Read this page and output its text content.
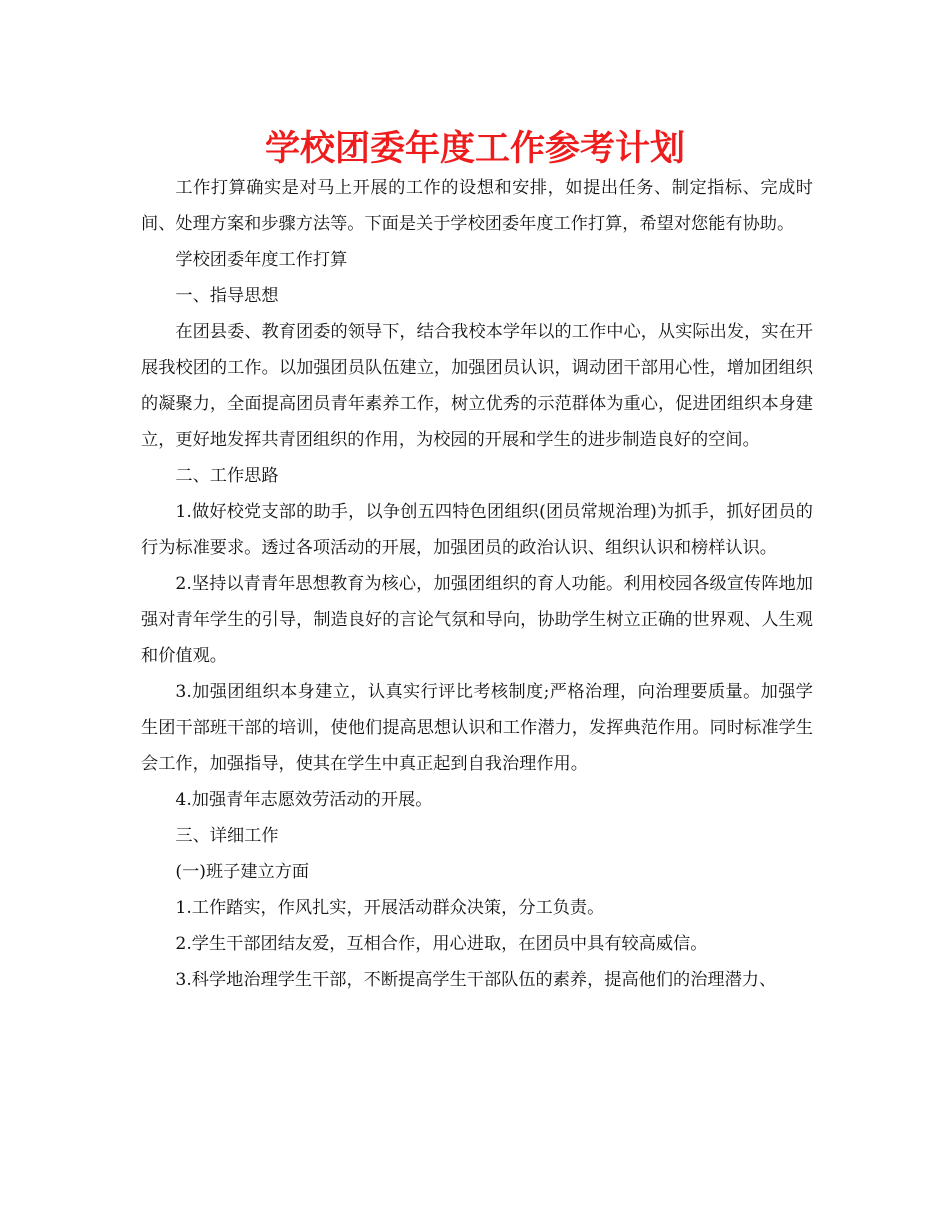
学校团委年度工作参考计划

工作打算确实是对马上开展的工作的设想和安排，如提出任务、制定指标、完成时间、处理方案和步骤方法等。下面是关于学校团委年度工作打算，希望对您能有协助。

学校团委年度工作打算

一、指导思想

在团县委、教育团委的领导下，结合我校本学年以的工作中心，从实际出发，实在开展我校团的工作。以加强团员队伍建立，加强团员认识，调动团干部用心性，增加团组织的凝聚力，全面提高团员青年素养工作，树立优秀的示范群体为重心，促进团组织本身建立，更好地发挥共青团组织的作用，为校园的开展和学生的进步制造良好的空间。

二、工作思路

1.做好校党支部的助手，以争创五四特色团组织(团员常规治理)为抓手，抓好团员的行为标准要求。透过各项活动的开展，加强团员的政治认识、组织认识和榜样认识。

2.坚持以青青年思想教育为核心，加强团组织的育人功能。利用校园各级宣传阵地加强对青年学生的引导，制造良好的言论气氛和导向，协助学生树立正确的世界观、人生观和价值观。

3.加强团组织本身建立，认真实行评比考核制度;严格治理，向治理要质量。加强学生团干部班干部的培训，使他们提高思想认识和工作潜力，发挥典范作用。同时标准学生会工作，加强指导，使其在学生中真正起到自我治理作用。

4.加强青年志愿效劳活动的开展。

三、详细工作

(一)班子建立方面

1.工作踏实，作风扎实，开展活动群众决策，分工负责。

2.学生干部团结友爱，互相合作，用心进取，在团员中具有较高威信。

3.科学地治理学生干部，不断提高学生干部队伍的素养，提高他们的治理潜力、
